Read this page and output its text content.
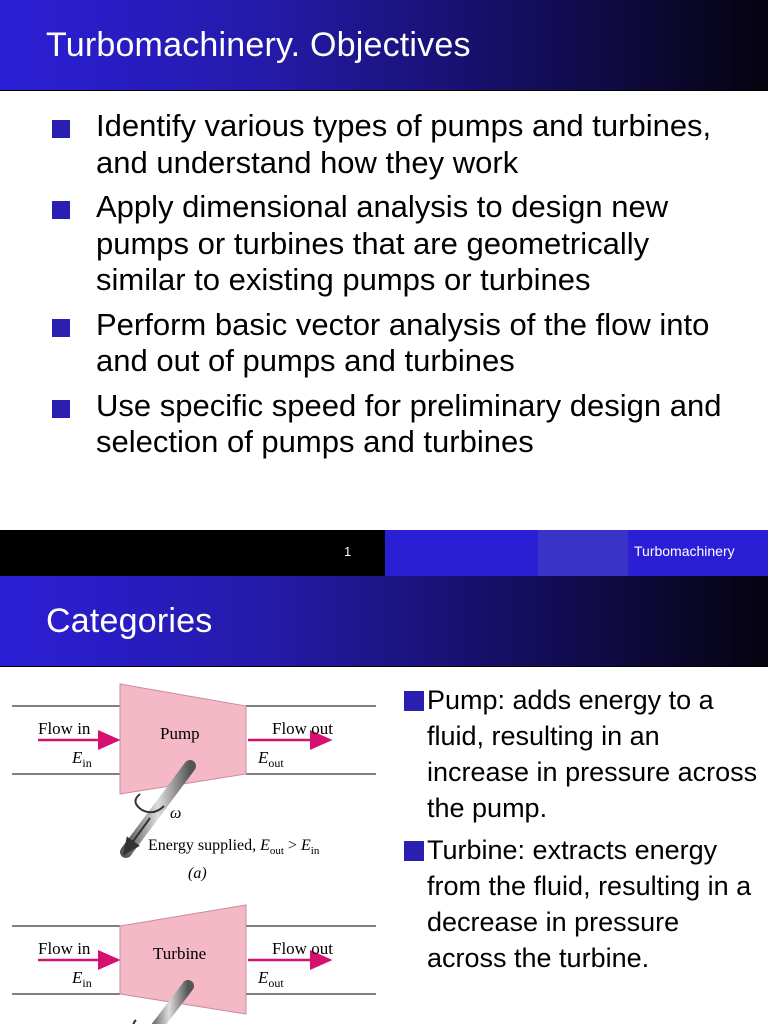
Turbomachinery. Objectives
Identify various types of pumps and turbines, and understand how they work
Apply dimensional analysis to design new pumps or turbines that are geometrically similar to existing pumps or turbines
Perform basic vector analysis of the flow into and out of pumps and turbines
Use specific speed for preliminary design and selection of pumps and turbines
1	Turbomachinery
Categories
Flow in
$E_{in}$
Pump	Flow out
$E_{out}$
ω
Energy supplied, $E_{out} > E_{in}$
(a)
Flow in
$E_{in}$
Turbine	Flow out
$E_{out}$
Pump: adds energy to a fluid, resulting in an increase in pressure across the pump.
Turbine: extracts energy from the fluid, resulting in a decrease in pressure across the turbine.
